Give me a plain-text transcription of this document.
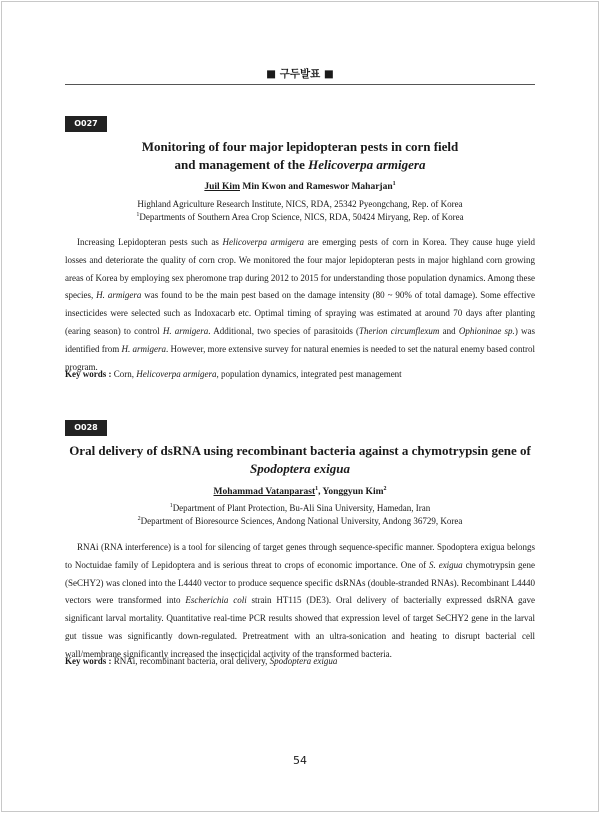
■ 구두발표 ■
O027
Monitoring of four major lepidopteran pests in corn field
and management of the Helicoverpa armigera
Juil Kim Min Kwon and Rameswor Maharjan$^1$
Highland Agriculture Research Institute, NICS, RDA, 25342 Pyeongchang, Rep. of Korea
$^1$Departments of Southern Area Crop Science, NICS, RDA, 50424 Miryang, Rep. of Korea
Increasing Lepidopteran pests such as Helicoverpa armigera are emerging pests of corn in Korea. They cause huge yield losses and deteriorate the quality of corn crop. We monitored the four major lepidopteran pests in major highland corn growing areas of Korea by employing sex pheromone trap during 2012 to 2015 for understanding those population dynamics. Among these species, H. armigera was found to be the main pest based on the damage intensity (80 ~ 90% of total damage). Some effective insecticides were selected such as Indoxacarb etc. Optimal timing of spraying was estimated at around 70 days after planting (earing season) to control H. armigera. Additional, two species of parasitoids (Therion circumflexum and Ophioninae sp.) was identified from H. armigera. However, more extensive survey for natural enemies is needed to set the natural enemy based control program.
Key words : Corn, Helicoverpa armigera, population dynamics, integrated pest management
O028
Oral delivery of dsRNA using recombinant bacteria against a chymotrypsin gene of
Spodoptera exigua
Mohammad Vatanparast$^1$, Yonggyun Kim$^2$
$^1$Department of Plant Protection, Bu-Ali Sina University, Hamedan, Iran
$^2$Department of Bioresource Sciences, Andong National University, Andong 36729, Korea
RNAi (RNA interference) is a tool for silencing of target genes through sequence-specific manner. Spodoptera exigua belongs to Noctuidae family of Lepidoptera and is serious threat to crops of economic importance. One of S. exigua chymotrypsin gene (SeCHY2) was cloned into the L4440 vector to produce sequence specific dsRNAs (double-stranded RNAs). Recombinant L4440 vectors were transformed into Escherichia coli strain HT115 (DE3). Oral delivery of bacterially expressed dsRNA gave significant larval mortality. Quantitative real-time PCR results showed that expression level of target SeCHY2 gene in the larval gut tissue was significantly down-regulated. Pretreatment with an ultra-sonication and heating to disrupt bacterial cell wall/membrane significantly increased the insecticidal activity of the transformed bacteria.
Key words : RNAi, recombinant bacteria, oral delivery, Spodoptera exigua
54
